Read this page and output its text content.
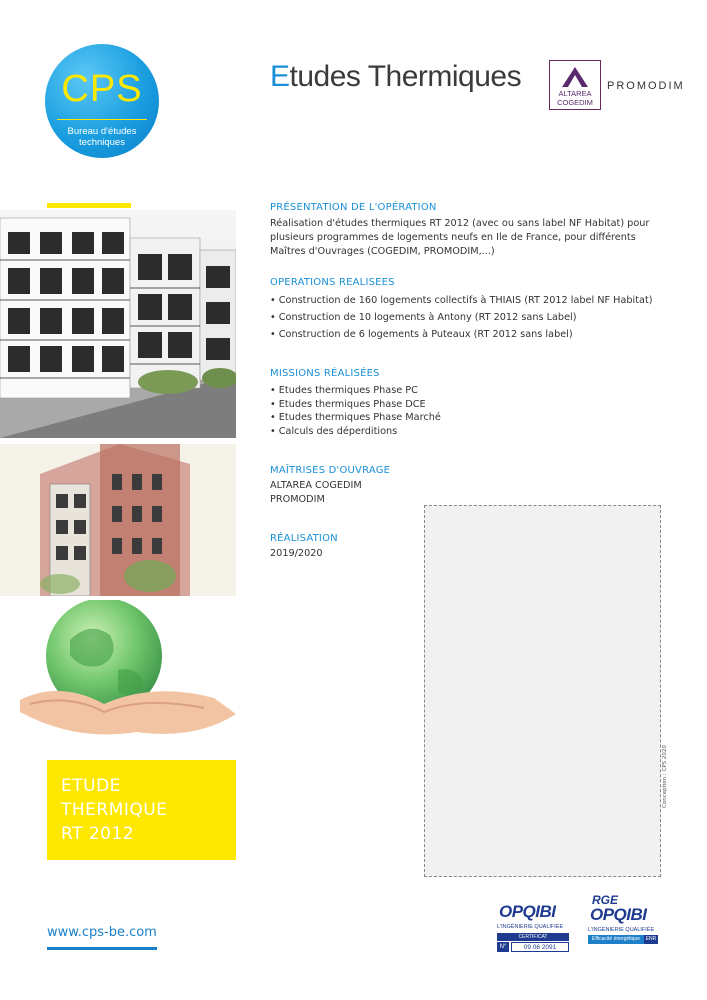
CPS
Bureau d'études
techniques
Etudes Thermiques
ALTAREA
COGEDIM
PROMODIM
ETUDE
THERMIQUE
RT 2012
www.cps-be.com
PRÉSENTATION DE L'OPÉRATION
Réalisation d'études thermiques RT 2012 (avec ou sans label NF Habitat) pour plusieurs programmes de logements neufs en Ile de France, pour différents Maîtres d'Ouvrages (COGEDIM, PROMODIM,...)
OPERATIONS REALISEES
• Construction de 160 logements collectifs à THIAIS (RT 2012 label NF Habitat)
• Construction de 10 logements à Antony (RT 2012 sans Label)
• Construction de 6 logements à Puteaux (RT 2012 sans label)
MISSIONS RÉALISÉES
• Etudes thermiques Phase PC
• Etudes thermiques Phase DCE
• Etudes thermiques Phase Marché
• Calculs des déperditions
MAÎTRISES D'OUVRAGE
ALTAREA COGEDIM
PROMODIM
RÉALISATION
2019/2020
Conception : CPS 2020
OPQIBI
L'INGÉNIERIE QUALIFIÉE
CERTIFICAT
N°	09 06 2091
RGE
OPQIBI
L'INGÉNIERIE QUALIFIÉE
Efficacité énergétique	ENR
